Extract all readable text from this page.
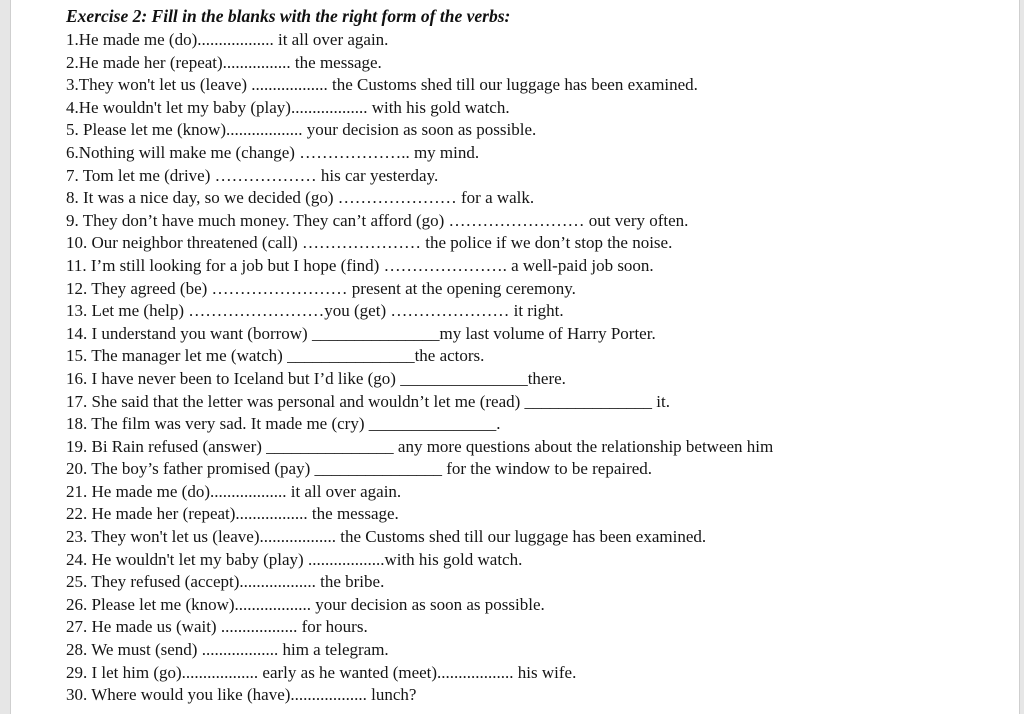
Exercise 2: Fill in the blanks with the right form of the verbs:
1.He made me (do).................. it all over again.
2.He made her (repeat)................ the message.
3.They won't let us (leave) .................. the Customs shed till our luggage has been examined.
4.He wouldn't let my baby (play).................. with his gold watch.
5. Please let me (know).................. your decision as soon as possible.
6.Nothing will make me (change) ……………….. my mind.
7. Tom let me (drive) ……………… his car yesterday.
8. It was a nice day, so we decided (go) ………………… for a walk.
9. They don’t have much money. They can’t afford (go) …………………… out very often.
10. Our neighbor threatened (call) ………………… the police if we don’t stop the noise.
11. I’m still looking for a job but I hope (find) …………………. a well-paid job soon.
12. They agreed (be) …………………… present at the opening ceremony.
13. Let me (help) ……………………you (get) ………………… it right.
14. I understand you want (borrow) _______________my last volume of Harry Porter.
15. The manager let me (watch) _______________the actors.
16. I have never been to Iceland but I’d like (go) _______________there.
17. She said that the letter was personal and wouldn’t let me (read) _______________ it.
18. The film was very sad. It made me (cry) _______________.
19. Bi Rain refused (answer) _______________ any more questions about the relationship between him
20. The boy’s father promised (pay) _______________ for the window to be repaired.
21. He made me (do).................. it all over again.
22. He made her (repeat)................. the message.
23. They won't let us (leave).................. the Customs shed till our luggage has been examined.
24. He wouldn't let my baby (play) ..................with his gold watch.
25. They refused (accept).................. the bribe.
26. Please let me (know).................. your decision as soon as possible.
27. He made us (wait) .................. for hours.
28. We must (send) .................. him a telegram.
29. I let him (go).................. early as he wanted (meet).................. his wife.
30. Where would you like (have).................. lunch?
